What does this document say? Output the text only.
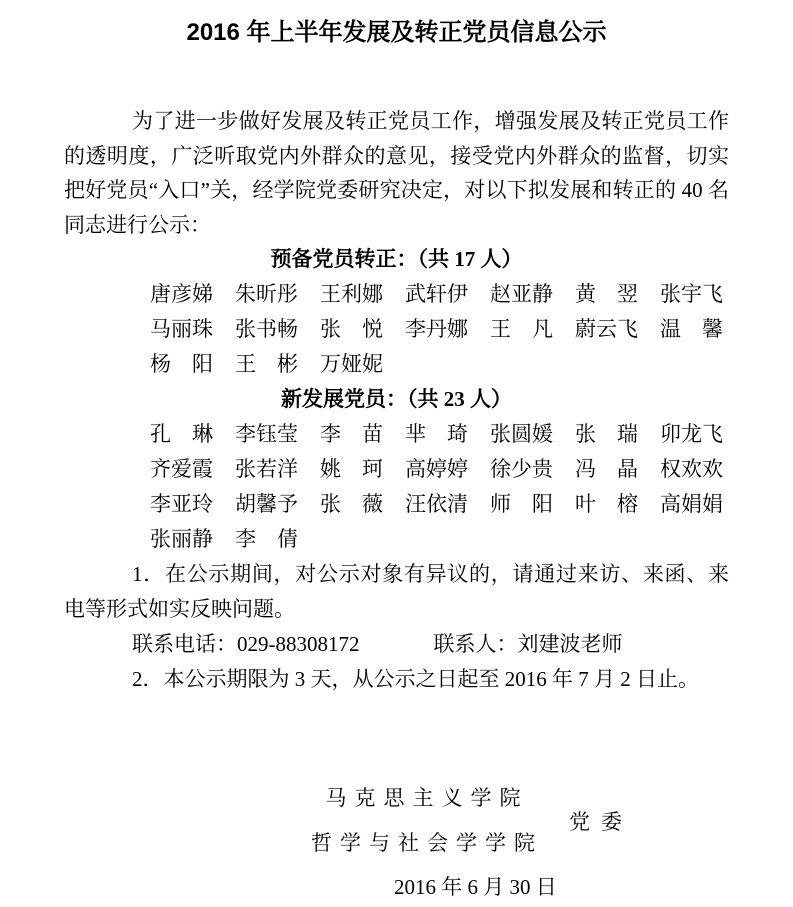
2016 年上半年发展及转正党员信息公示

为了进一步做好发展及转正党员工作，增强发展及转正党员工作的透明度，广泛听取党内外群众的意见，接受党内外群众的监督，切实把好党员“入口”关，经学院党委研究决定，对以下拟发展和转正的 40 名同志进行公示：

预备党员转正：（共 17 人）
唐彦娣 朱昕彤 王利娜 武轩伊 赵亚静 黄　翌 张宇飞
马丽珠 张书畅 张　悦 李丹娜 王　凡 蔚云飞 温　馨
杨　阳 王　彬 万娅妮
新发展党员：（共 23 人）
孔　琳 李钰莹 李　苗 芈　琦 张圆媛 张　瑞 卯龙飞
齐爱霞 张若洋 姚　珂 高婷婷 徐少贵 冯　晶 权欢欢
李亚玲 胡馨予 张　薇 汪依清 师　阳 叶　榕 高娟娟
张丽静 李　倩

1．在公示期间，对公示对象有异议的，请通过来访、来函、来电等形式如实反映问题。

联系电话：029-88308172	联系人：刘建波老师

2．本公示期限为 3 天，从公示之日起至 2016 年 7 月 2 日止。

马克思主义学院
哲学与社会学学院
党委
2016 年 6 月 30 日
